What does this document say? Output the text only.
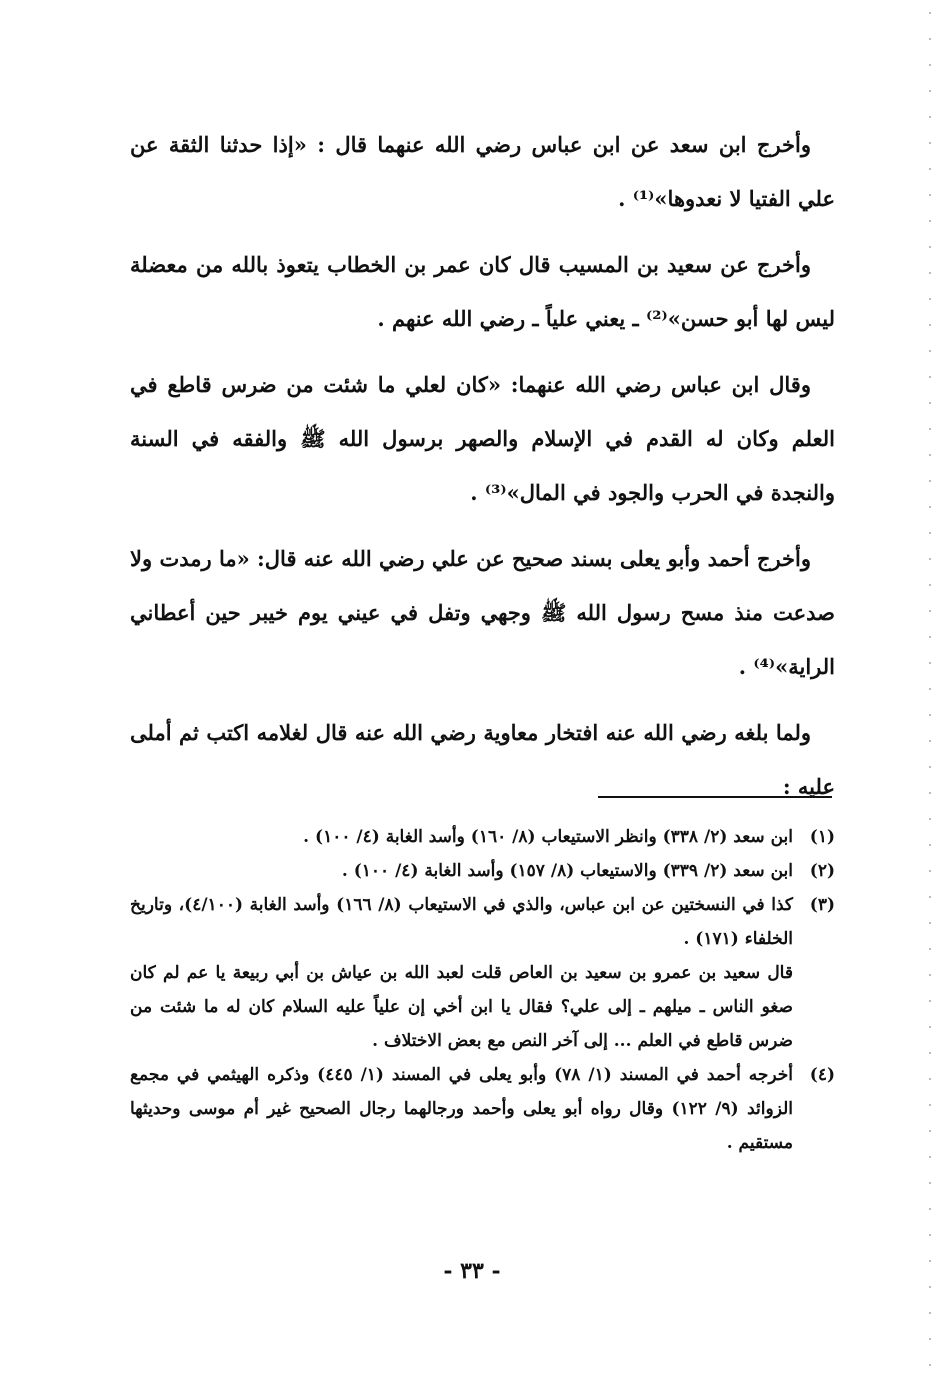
وأخرج ابن سعد عن ابن عباس رضي الله عنهما قال : «إذا حدثنا الثقة عن علي الفتيا لا نعدوها»⁽¹⁾ .

وأخرج عن سعيد بن المسيب قال كان عمر بن الخطاب يتعوذ بالله من معضلة ليس لها أبو حسن»⁽²⁾ ـ يعني علياً ـ رضي الله عنهم .

وقال ابن عباس رضي الله عنهما: «كان لعلي ما شئت من ضرس قاطع في العلم وكان له القدم في الإسلام والصهر برسول الله ﷺ والفقه في السنة والنجدة في الحرب والجود في المال»⁽³⁾ .

وأخرج أحمد وأبو يعلى بسند صحيح عن علي رضي الله عنه قال: «ما رمدت ولا صدعت منذ مسح رسول الله ﷺ وجهي وتفل في عيني يوم خيبر حين أعطاني الراية»⁽⁴⁾ .

ولما بلغه رضي الله عنه افتخار معاوية رضي الله عنه قال لغلامه اكتب ثم أملى عليه :

(١)
ابن سعد (٢/ ٣٣٨) وانظر الاستيعاب (٨/ ١٦٠) وأسد الغابة (٤/ ١٠٠) .
(٢)
ابن سعد (٢/ ٣٣٩) والاستيعاب (٨/ ١٥٧) وأسد الغابة (٤/ ١٠٠) .
(٣)
كذا في النسختين عن ابن عباس، والذي في الاستيعاب (٨/ ١٦٦) وأسد الغابة (٤/١٠٠)، وتاريخ الخلفاء (١٧١) .
قال سعيد بن عمرو بن سعيد بن العاص قلت لعبد الله بن عياش بن أبي ربيعة يا عم لم كان صغو الناس ـ ميلهم ـ إلى علي؟ فقال يا ابن أخي إن علياً عليه السلام كان له ما شئت من ضرس قاطع في العلم ... إلى آخر النص مع بعض الاختلاف .
(٤)
أخرجه أحمد في المسند (١/ ٧٨) وأبو يعلى في المسند (١/ ٤٤٥) وذكره الهيثمي في مجمع الزوائد (٩/ ١٢٢) وقال رواه أبو يعلى وأحمد ورجالهما رجال الصحيح غير أم موسى وحديثها مستقيم .
- ٣٣ -
